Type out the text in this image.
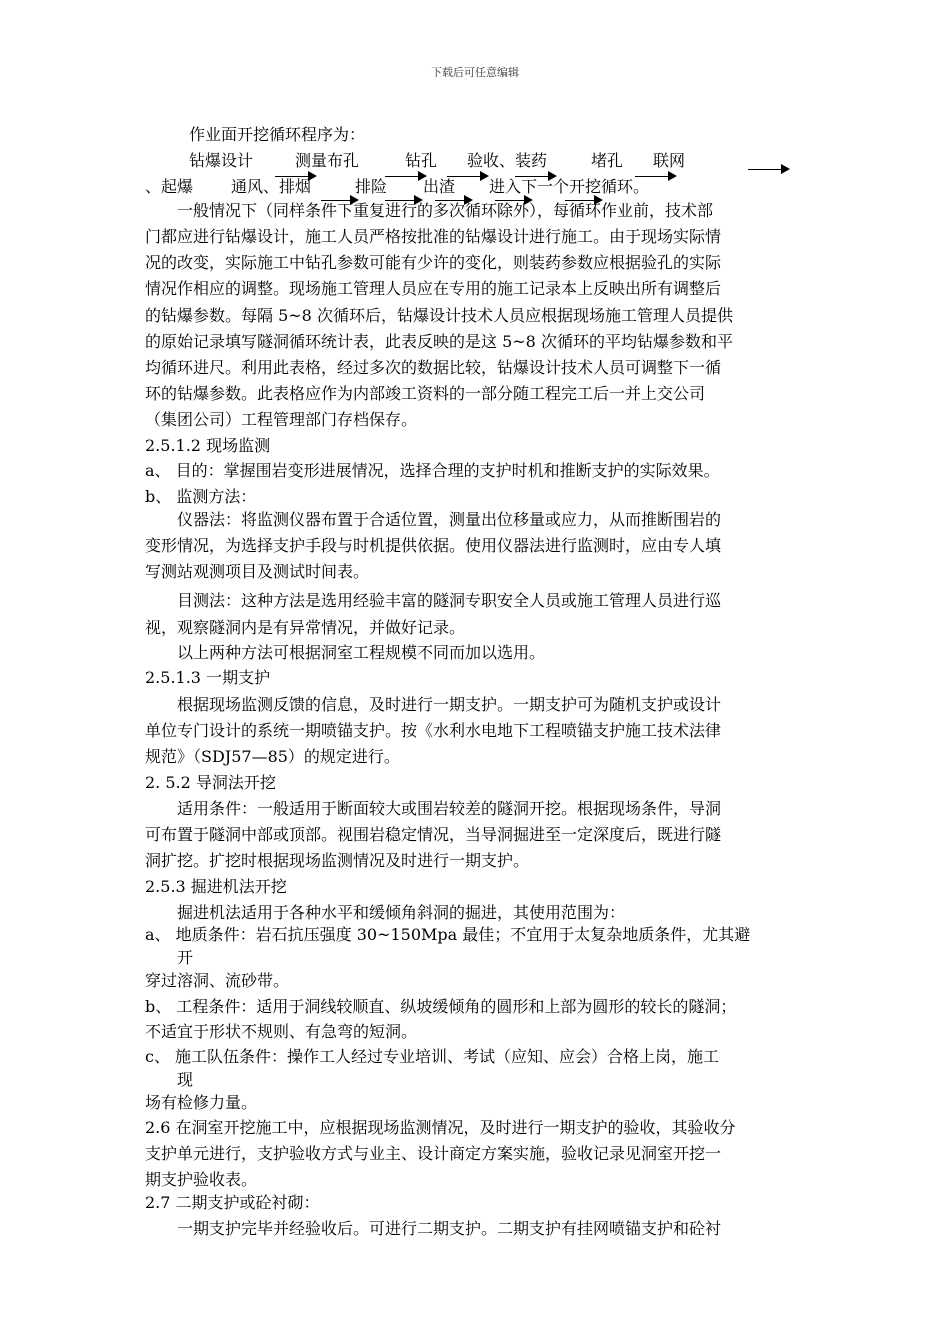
下载后可任意编辑
作业面开挖循环程序为：
钻爆设计	测量布孔	钻孔 验收、装药	堵孔 联网
、起爆 通风、排烟	排险 出渣 进入下一个开挖循环。
　　一般情况下（同样条件下重复进行的多次循环除外），每循环作业前，技术部
门都应进行钻爆设计，施工人员严格按批准的钻爆设计进行施工。由于现场实际情
况的改变，实际施工中钻孔参数可能有少许的变化，则装药参数应根据验孔的实际
情况作相应的调整。现场施工管理人员应在专用的施工记录本上反映出所有调整后
的钻爆参数。每隔 5~8 次循环后，钻爆设计技术人员应根据现场施工管理人员提供
的原始记录填写隧洞循环统计表，此表反映的是这 5~8 次循环的平均钻爆参数和平
均循环进尺。利用此表格，经过多次的数据比较，钻爆设计技术人员可调整下一循
环的钻爆参数。此表格应作为内部竣工资料的一部分随工程完工后一并上交公司
（集团公司）工程管理部门存档保存。
2.5.1.2 现场监测
a、 目的：掌握围岩变形进展情况，选择合理的支护时机和推断支护的实际效果。
b、 监测方法：
　　仪器法：将监测仪器布置于合适位置，测量出位移量或应力，从而推断围岩的
变形情况，为选择支护手段与时机提供依据。使用仪器法进行监测时，应由专人填
写测站观测项目及测试时间表。
　　目测法：这种方法是选用经验丰富的隧洞专职安全人员或施工管理人员进行巡
视，观察隧洞内是有异常情况，并做好记录。
　　以上两种方法可根据洞室工程规模不同而加以选用。
2.5.1.3 一期支护
　　根据现场监测反馈的信息，及时进行一期支护。一期支护可为随机支护或设计
单位专门设计的系统一期喷锚支护。按《水利水电地下工程喷锚支护施工技术法律
规范》（SDJ57—85）的规定进行。
2. 5.2 导洞法开挖
　　适用条件：一般适用于断面较大或围岩较差的隧洞开挖。根据现场条件，导洞
可布置于隧洞中部或顶部。视围岩稳定情况，当导洞掘进至一定深度后，既进行隧
洞扩挖。扩挖时根据现场监测情况及时进行一期支护。
2.5.3 掘进机法开挖
　　掘进机法适用于各种水平和缓倾角斜洞的掘进，其使用范围为：
a、 地质条件：岩石抗压强度 30~150Mpa 最佳；不宜用于太复杂地质条件，尤其避
　　开
穿过溶洞、流砂带。
b、 工程条件：适用于洞线较顺直、纵坡缓倾角的圆形和上部为圆形的较长的隧洞；
不适宜于形状不规则、有急弯的短洞。
c、 施工队伍条件：操作工人经过专业培训、考试（应知、应会）合格上岗，施工
　　现
场有检修力量。
2.6 在洞室开挖施工中，应根据现场监测情况，及时进行一期支护的验收，其验收分
支护单元进行，支护验收方式与业主、设计商定方案实施，验收记录见洞室开挖一
期支护验收表。
2.7 二期支护或砼衬砌：
　　一期支护完毕并经验收后。可进行二期支护。二期支护有挂网喷锚支护和砼衬
